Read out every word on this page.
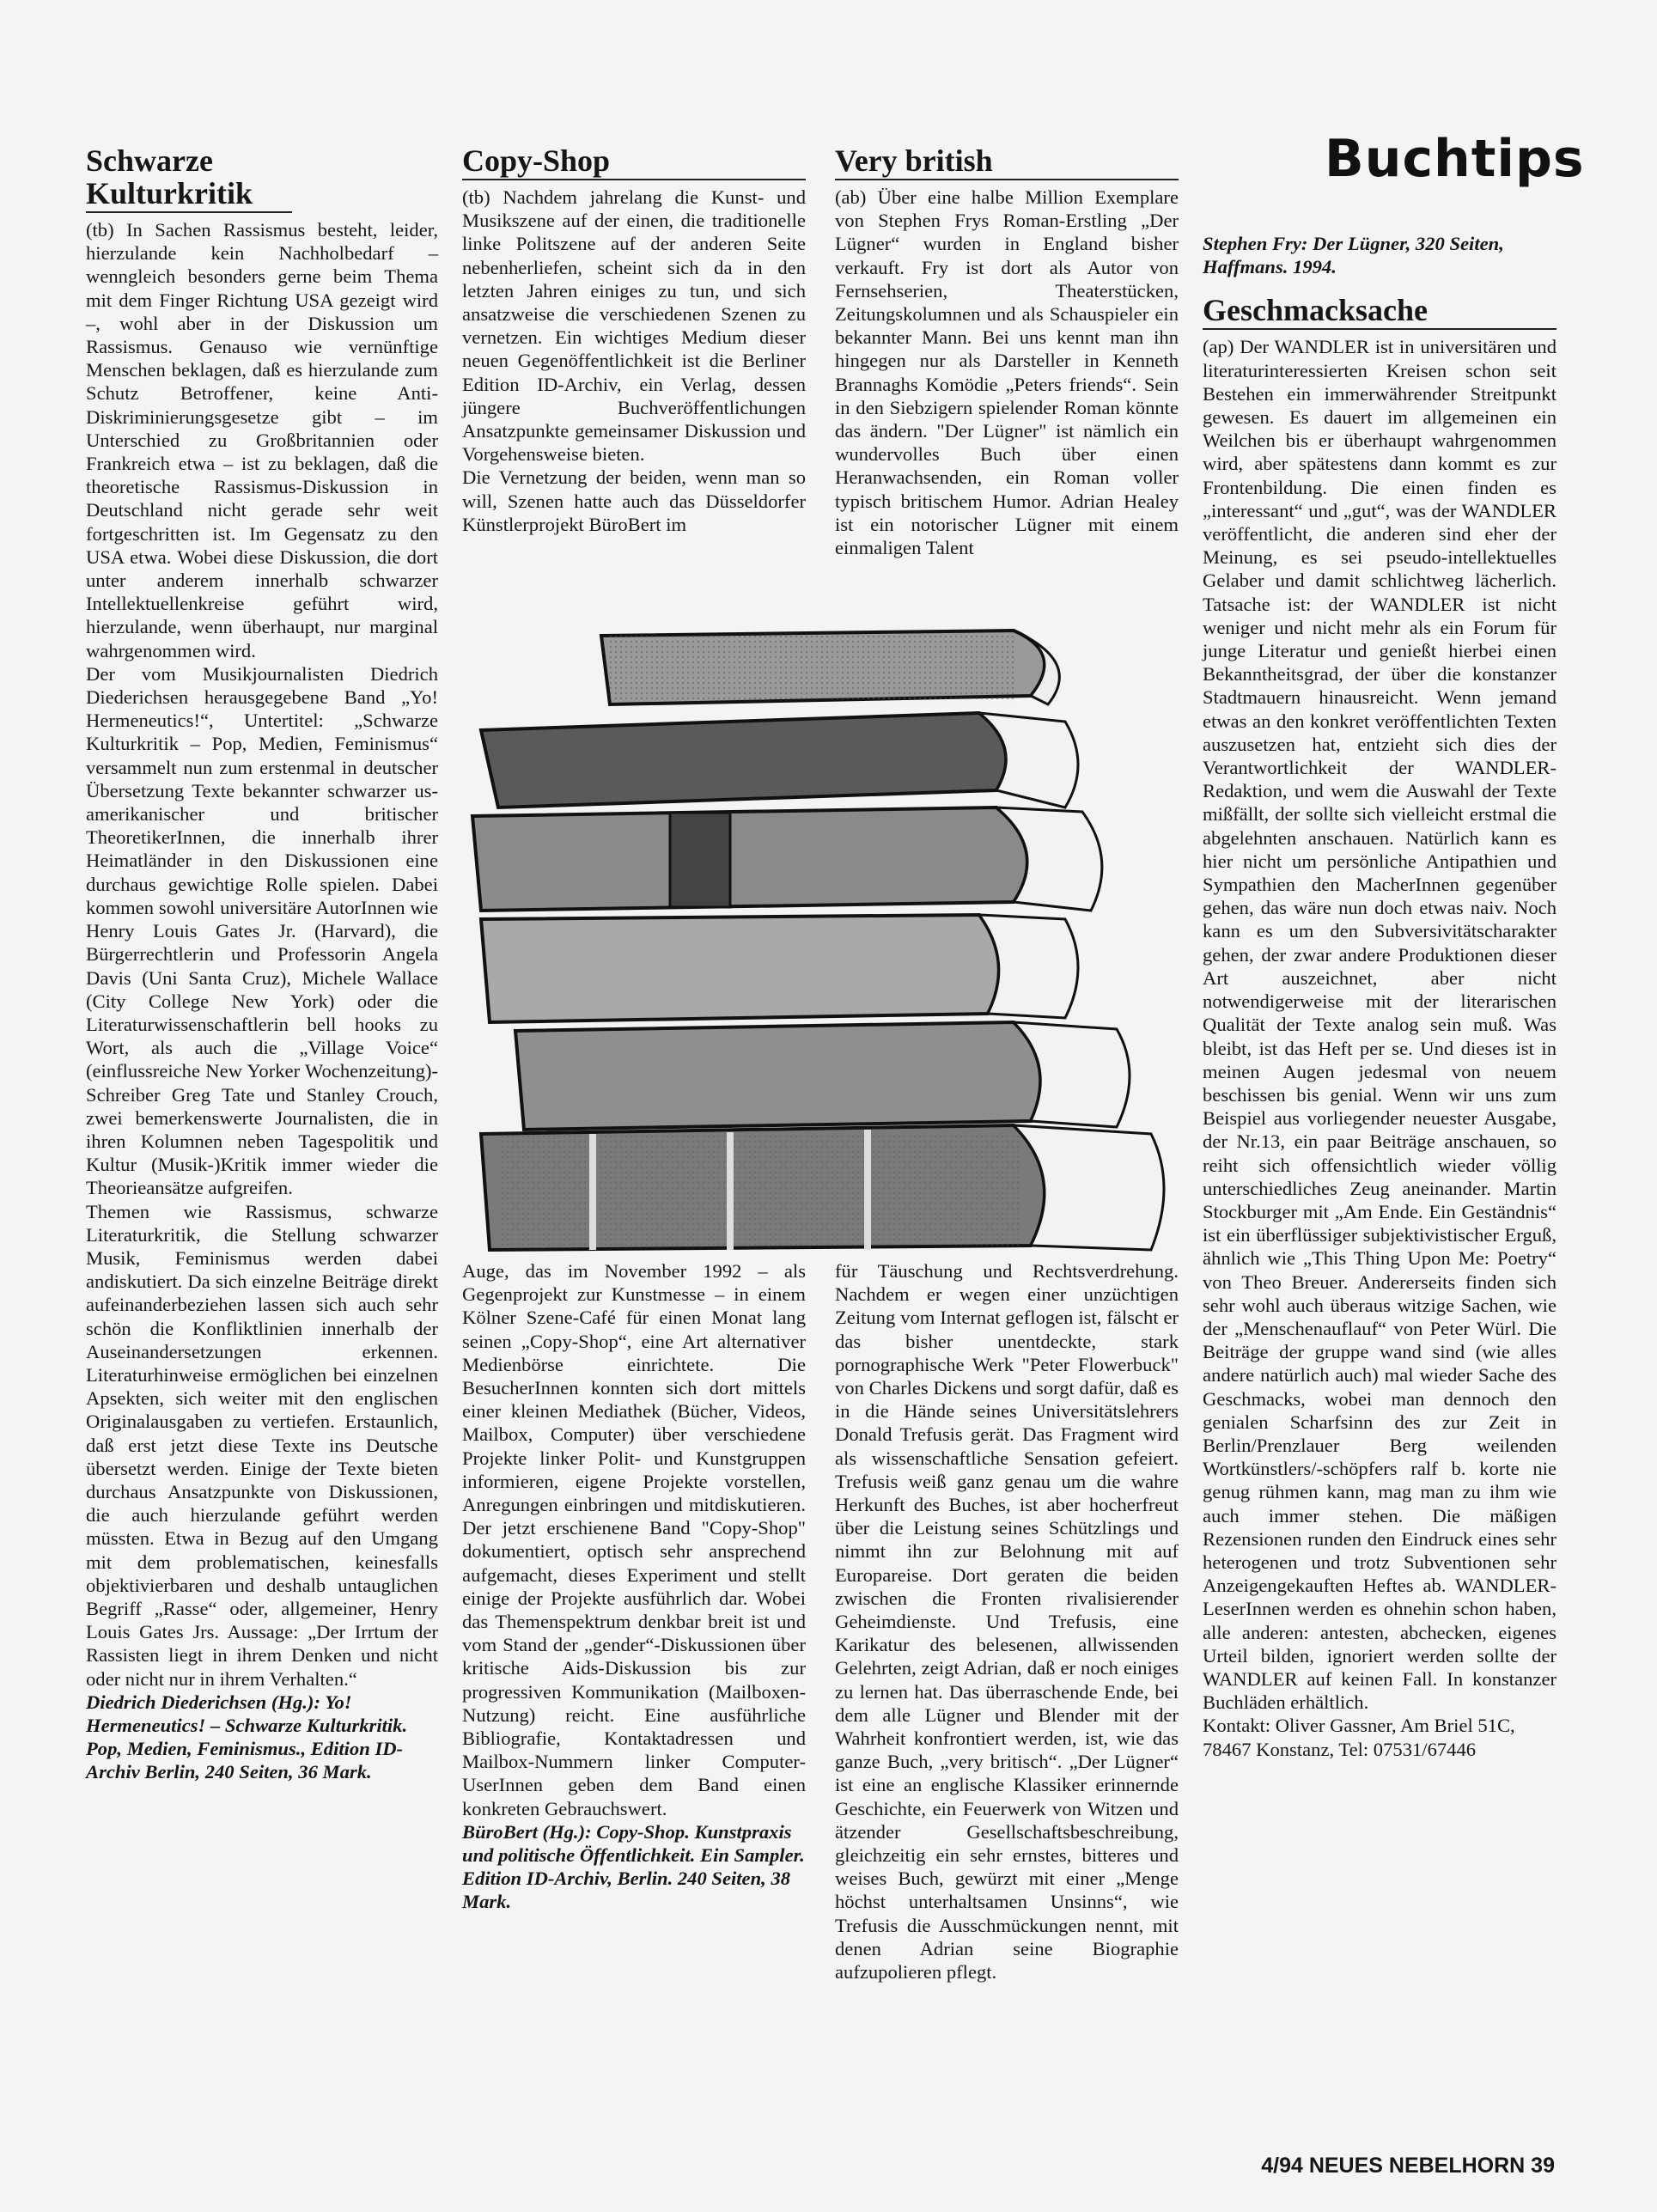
Buchtips
Schwarze Kulturkritik

(tb) In Sachen Rassismus besteht, leider, hierzulande kein Nachholbedarf – wenngleich besonders gerne beim Thema mit dem Finger Richtung USA gezeigt wird –, wohl aber in der Diskussion um Rassismus. Genauso wie vernünftige Menschen beklagen, daß es hierzulande zum Schutz Betroffener, keine Anti-Diskriminierungsgesetze gibt – im Unterschied zu Großbritannien oder Frankreich etwa – ist zu beklagen, daß die theoretische Rassismus-Diskussion in Deutschland nicht gerade sehr weit fortgeschritten ist. Im Gegensatz zu den USA etwa. Wobei diese Diskussion, die dort unter anderem innerhalb schwarzer Intellektuellenkreise geführt wird, hierzulande, wenn überhaupt, nur marginal wahrgenommen wird.

Der vom Musikjournalisten Diedrich Diederichsen herausgegebene Band „Yo! Hermeneutics!“, Untertitel: „Schwarze Kulturkritik – Pop, Medien, Feminismus“ versammelt nun zum erstenmal in deutscher Übersetzung Texte bekannter schwarzer us-amerikanischer und britischer TheoretikerInnen, die innerhalb ihrer Heimatländer in den Diskussionen eine durchaus gewichtige Rolle spielen. Dabei kommen sowohl universitäre AutorInnen wie Henry Louis Gates Jr. (Harvard), die Bürgerrechtlerin und Professorin Angela Davis (Uni Santa Cruz), Michele Wallace (City College New York) oder die Literaturwissenschaftlerin bell hooks zu Wort, als auch die „Village Voice“ (einflussreiche New Yorker Wochenzeitung)-Schreiber Greg Tate und Stanley Crouch, zwei bemerkenswerte Journalisten, die in ihren Kolumnen neben Tagespolitik und Kultur (Musik-)Kritik immer wieder die Theorieansätze aufgreifen.

Themen wie Rassismus, schwarze Literaturkritik, die Stellung schwarzer Musik, Feminismus werden dabei andiskutiert. Da sich einzelne Beiträge direkt aufeinanderbeziehen lassen sich auch sehr schön die Konfliktlinien innerhalb der Auseinandersetzungen erkennen. Literaturhinweise ermöglichen bei einzelnen Apsekten, sich weiter mit den englischen Originalausgaben zu vertiefen. Erstaunlich, daß erst jetzt diese Texte ins Deutsche übersetzt werden. Einige der Texte bieten durchaus Ansatzpunkte von Diskussionen, die auch hierzulande geführt werden müssten. Etwa in Bezug auf den Umgang mit dem problematischen, keinesfalls objektivierbaren und deshalb untauglichen Begriff „Rasse“ oder, allgemeiner, Henry Louis Gates Jrs. Aussage: „Der Irrtum der Rassisten liegt in ihrem Denken und nicht oder nicht nur in ihrem Verhalten.“

Diedrich Diederichsen (Hg.): Yo! Hermeneutics! – Schwarze Kulturkritik. Pop, Medien, Feminismus., Edition ID-Archiv Berlin, 240 Seiten, 36 Mark.

Copy-Shop

(tb) Nachdem jahrelang die Kunst- und Musikszene auf der einen, die traditionelle linke Politszene auf der anderen Seite nebenherliefen, scheint sich da in den letzten Jahren einiges zu tun, und sich ansatzweise die verschiedenen Szenen zu vernetzen. Ein wichtiges Medium dieser neuen Gegenöffentlichkeit ist die Berliner Edition ID-Archiv, ein Verlag, dessen jüngere Buchveröffentlichungen Ansatzpunkte gemeinsamer Diskussion und Vorgehensweise bieten.

Die Vernetzung der beiden, wenn man so will, Szenen hatte auch das Düsseldorfer Künstlerprojekt BüroBert im

Very british

(ab) Über eine halbe Million Exemplare von Stephen Frys Roman-Erstling „Der Lügner“ wurden in England bisher verkauft. Fry ist dort als Autor von Fernsehserien, Theaterstücken, Zeitungskolumnen und als Schauspieler ein bekannter Mann. Bei uns kennt man ihn hingegen nur als Darsteller in Kenneth Brannaghs Komödie „Peters friends“. Sein in den Siebzigern spielender Roman könnte das ändern. "Der Lügner" ist nämlich ein wundervolles Buch über einen Heranwachsenden, ein Roman voller typisch britischem Humor. Adrian Healey ist ein notorischer Lügner mit einem einmaligen Talent

Auge, das im November 1992 – als Gegenprojekt zur Kunstmesse – in einem Kölner Szene-Café für einen Monat lang seinen „Copy-Shop“, eine Art alternativer Medienbörse einrichtete. Die BesucherInnen konnten sich dort mittels einer kleinen Mediathek (Bücher, Videos, Mailbox, Computer) über verschiedene Projekte linker Polit- und Kunstgruppen informieren, eigene Projekte vorstellen, Anregungen einbringen und mitdiskutieren. Der jetzt erschienene Band "Copy-Shop" dokumentiert, optisch sehr ansprechend aufgemacht, dieses Experiment und stellt einige der Projekte ausführlich dar. Wobei das Themenspektrum denkbar breit ist und vom Stand der „gender“-Diskussionen über kritische Aids-Diskussion bis zur progressiven Kommunikation (Mailboxen-Nutzung) reicht. Eine ausführliche Bibliografie, Kontaktadressen und Mailbox-Nummern linker Computer-UserInnen geben dem Band einen konkreten Gebrauchswert.

BüroBert (Hg.): Copy-Shop. Kunstpraxis und politische Öffentlichkeit. Ein Sampler. Edition ID-Archiv, Berlin. 240 Seiten, 38 Mark.

für Täuschung und Rechtsverdrehung. Nachdem er wegen einer unzüchtigen Zeitung vom Internat geflogen ist, fälscht er das bisher unentdeckte, stark pornographische Werk "Peter Flowerbuck" von Charles Dickens und sorgt dafür, daß es in die Hände seines Universitätslehrers Donald Trefusis gerät. Das Fragment wird als wissenschaftliche Sensation gefeiert. Trefusis weiß ganz genau um die wahre Herkunft des Buches, ist aber hocherfreut über die Leistung seines Schützlings und nimmt ihn zur Belohnung mit auf Europareise. Dort geraten die beiden zwischen die Fronten rivalisierender Geheimdienste. Und Trefusis, eine Karikatur des belesenen, allwissenden Gelehrten, zeigt Adrian, daß er noch einiges zu lernen hat. Das überraschende Ende, bei dem alle Lügner und Blender mit der Wahrheit konfrontiert werden, ist, wie das ganze Buch, „very britisch“. „Der Lügner“ ist eine an englische Klassiker erinnernde Geschichte, ein Feuerwerk von Witzen und ätzender Gesellschaftsbeschreibung, gleichzeitig ein sehr ernstes, bitteres und weises Buch, gewürzt mit einer „Menge höchst unterhaltsamen Unsinns“, wie Trefusis die Ausschmückungen nennt, mit denen Adrian seine Biographie aufzupolieren pflegt.

Stephen Fry: Der Lügner, 320 Seiten, Haffmans. 1994.

Geschmacksache

(ap) Der WANDLER ist in universitären und literaturinteressierten Kreisen schon seit Bestehen ein immerwährender Streitpunkt gewesen. Es dauert im allgemeinen ein Weilchen bis er überhaupt wahrgenommen wird, aber spätestens dann kommt es zur Frontenbildung. Die einen finden es „interessant“ und „gut“, was der WANDLER veröffentlicht, die anderen sind eher der Meinung, es sei pseudo-intellektuelles Gelaber und damit schlichtweg lächerlich. Tatsache ist: der WANDLER ist nicht weniger und nicht mehr als ein Forum für junge Literatur und genießt hierbei einen Bekanntheitsgrad, der über die konstanzer Stadtmauern hinausreicht. Wenn jemand etwas an den konkret veröffentlichten Texten auszusetzen hat, entzieht sich dies der Verantwortlichkeit der WANDLER-Redaktion, und wem die Auswahl der Texte mißfällt, der sollte sich vielleicht erstmal die abgelehnten anschauen. Natürlich kann es hier nicht um persönliche Antipathien und Sympathien den MacherInnen gegenüber gehen, das wäre nun doch etwas naiv. Noch kann es um den Subversivitätscharakter gehen, der zwar andere Produktionen dieser Art auszeichnet, aber nicht notwendigerweise mit der literarischen Qualität der Texte analog sein muß. Was bleibt, ist das Heft per se. Und dieses ist in meinen Augen jedesmal von neuem beschissen bis genial. Wenn wir uns zum Beispiel aus vorliegender neuester Ausgabe, der Nr.13, ein paar Beiträge anschauen, so reiht sich offensichtlich wieder völlig unterschiedliches Zeug aneinander. Martin Stockburger mit „Am Ende. Ein Geständnis“ ist ein überflüssiger subjektivistischer Erguß, ähnlich wie „This Thing Upon Me: Poetry“ von Theo Breuer. Andererseits finden sich sehr wohl auch überaus witzige Sachen, wie der „Menschenauflauf“ von Peter Würl. Die Beiträge der gruppe wand sind (wie alles andere natürlich auch) mal wieder Sache des Geschmacks, wobei man dennoch den genialen Scharfsinn des zur Zeit in Berlin/Prenzlauer Berg weilenden Wortkünstlers/-schöpfers ralf b. korte nie genug rühmen kann, mag man zu ihm wie auch immer stehen. Die mäßigen Rezensionen runden den Eindruck eines sehr heterogenen und trotz Subventionen sehr Anzeigengekauften Heftes ab. WANDLER-LeserInnen werden es ohnehin schon haben, alle anderen: antesten, abchecken, eigenes Urteil bilden, ignoriert werden sollte der WANDLER auf keinen Fall. In konstanzer Buchläden erhältlich.

Kontakt: Oliver Gassner, Am Briel 51C, 78467 Konstanz, Tel: 07531/67446

4/94 NEUES NEBELHORN 39
